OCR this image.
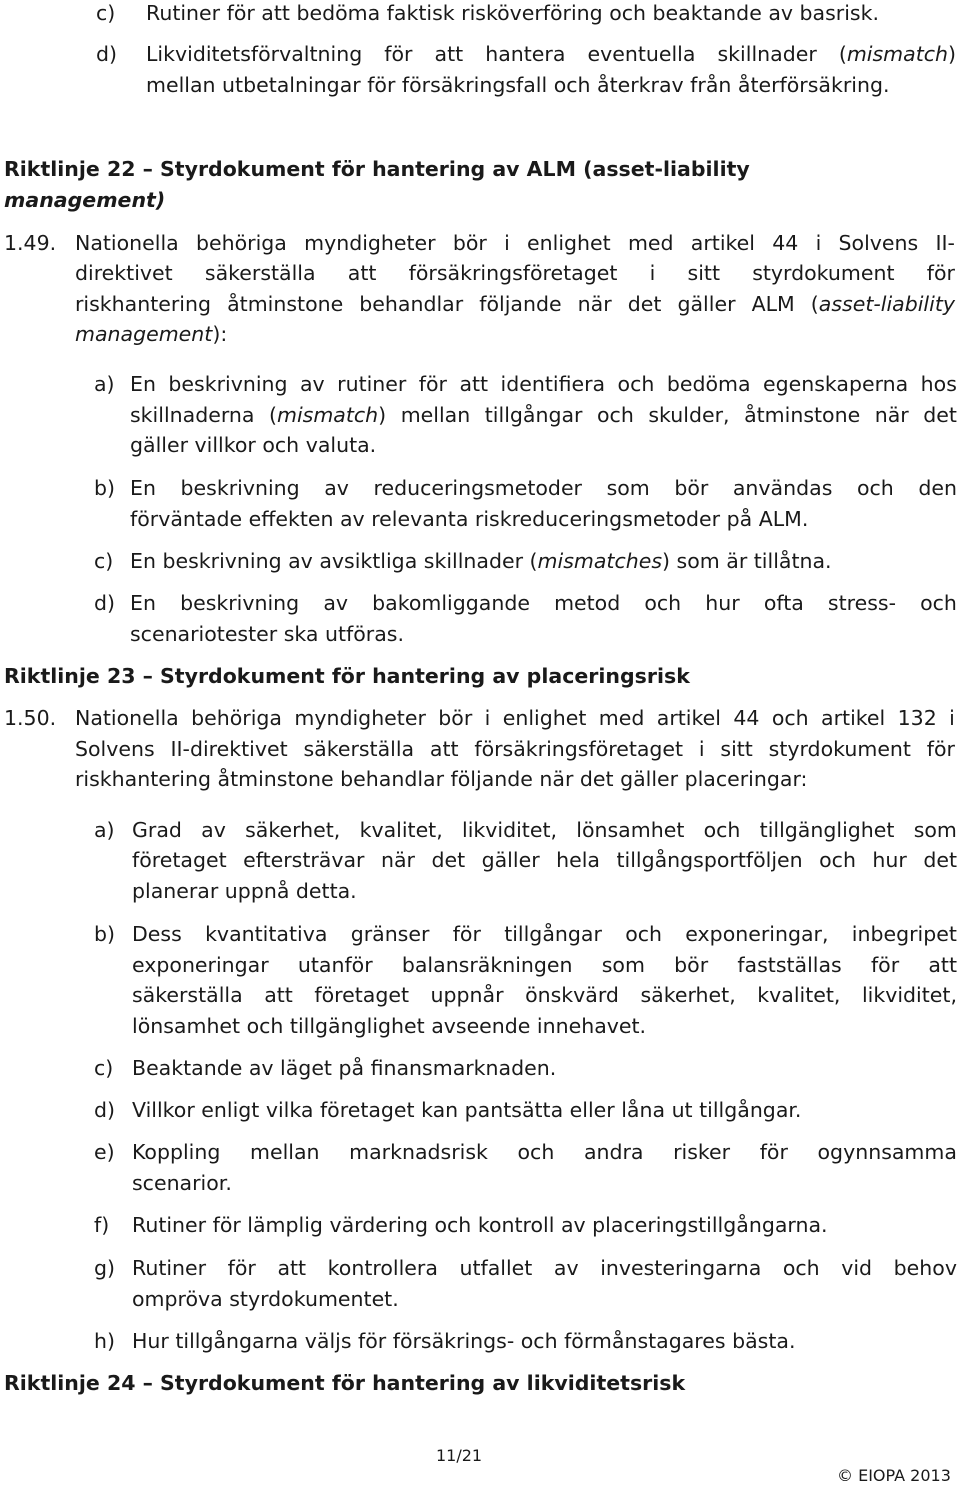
c)	Rutiner för att bedöma faktisk risköverföring och beaktande av basrisk.
d)	Likviditetsförvaltning för att hantera eventuella skillnader (mismatch)
mellan utbetalningar för försäkringsfall och återkrav från återförsäkring.
Riktlinje 22 – Styrdokument för hantering av ALM (asset-liability
management)
1.49. Nationella behöriga myndigheter bör i enlighet med artikel 44 i Solvens II-
direktivet säkerställa att försäkringsföretaget i sitt styrdokument för
riskhantering åtminstone behandlar följande när det gäller ALM (asset-liability
management):
a) En beskrivning av rutiner för att identifiera och bedöma egenskaperna hos
skillnaderna (mismatch) mellan tillgångar och skulder, åtminstone när det
gäller villkor och valuta.
b) En beskrivning av reduceringsmetoder som bör användas och den
förväntade effekten av relevanta riskreduceringsmetoder på ALM.
c) En beskrivning av avsiktliga skillnader (mismatches) som är tillåtna.
d) En beskrivning av bakomliggande metod och hur ofta stress- och
scenariotester ska utföras.
Riktlinje 23 – Styrdokument för hantering av placeringsrisk
1.50. Nationella behöriga myndigheter bör i enlighet med artikel 44 och artikel 132 i
Solvens II-direktivet säkerställa att försäkringsföretaget i sitt styrdokument för
riskhantering åtminstone behandlar följande när det gäller placeringar:
a) Grad av säkerhet, kvalitet, likviditet, lönsamhet och tillgänglighet som
företaget eftersträvar när det gäller hela tillgångsportföljen och hur det
planerar uppnå detta.
b) Dess kvantitativa gränser för tillgångar och exponeringar, inbegripet
exponeringar utanför balansräkningen som bör fastställas för att
säkerställa att företaget uppnår önskvärd säkerhet, kvalitet, likviditet,
lönsamhet och tillgänglighet avseende innehavet.
c) Beaktande av läget på finansmarknaden.
d) Villkor enligt vilka företaget kan pantsätta eller låna ut tillgångar.
e) Koppling mellan marknadsrisk och andra risker för ogynnsamma
scenarior.
f)	Rutiner för lämplig värdering och kontroll av placeringstillgångarna.
g) Rutiner för att kontrollera utfallet av investeringarna och vid behov
ompröva styrdokumentet.
h) Hur tillgångarna väljs för försäkrings- och förmånstagares bästa.
Riktlinje 24 – Styrdokument för hantering av likviditetsrisk
11/21
© EIOPA 2013
